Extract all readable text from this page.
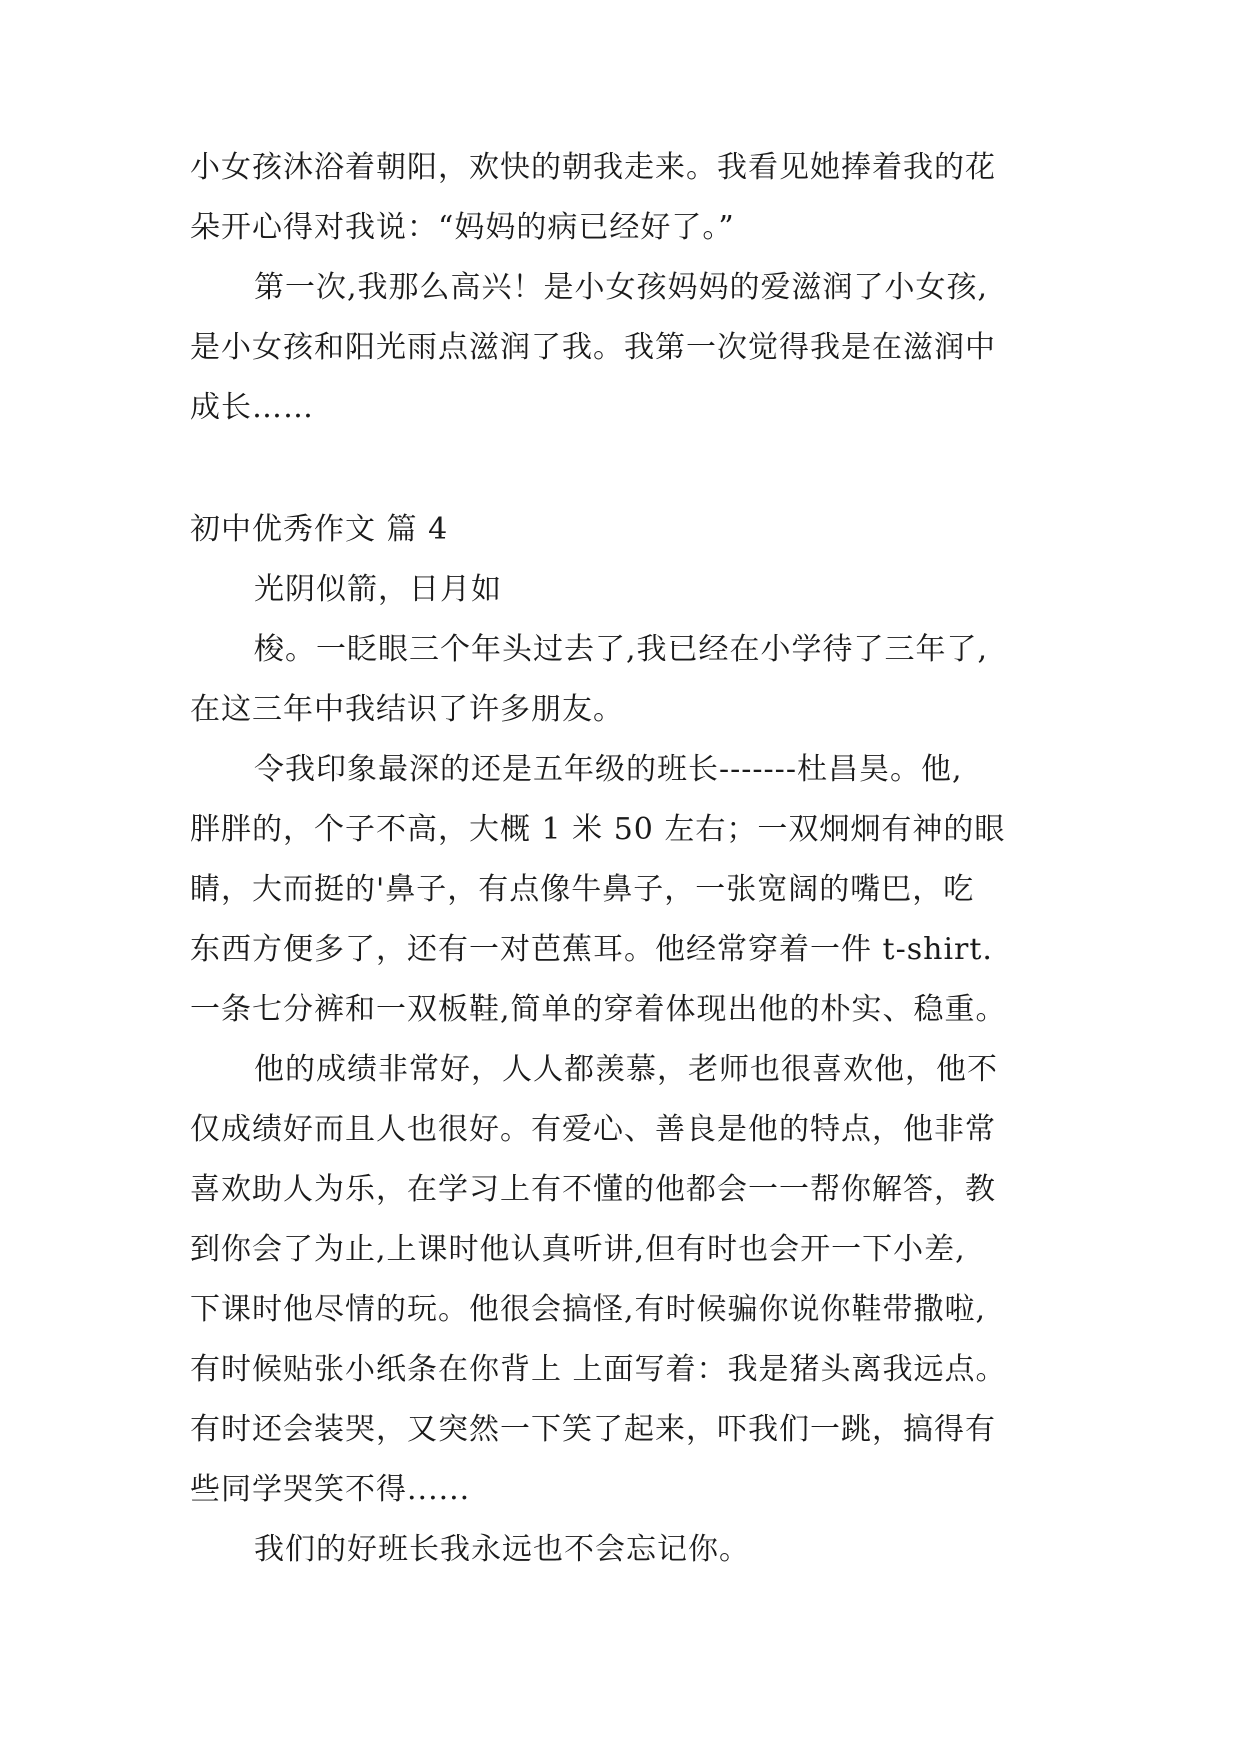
小女孩沐浴着朝阳，欢快的朝我走来。我看见她捧着我的花
朵开心得对我说：“妈妈的病已经好了。”
第一次,我那么高兴！是小女孩妈妈的爱滋润了小女孩,
是小女孩和阳光雨点滋润了我。我第一次觉得我是在滋润中
成长……
初中优秀作文 篇 4
光阴似箭，日月如
梭。一眨眼三个年头过去了,我已经在小学待了三年了,
在这三年中我结识了许多朋友。
令我印象最深的还是五年级的班长-------杜昌昊。他,
胖胖的，个子不高，大概 1 米 50 左右；一双炯炯有神的眼
睛，大而挺的'鼻子，有点像牛鼻子，一张宽阔的嘴巴，吃
东西方便多了，还有一对芭蕉耳。他经常穿着一件 t-shirt.
一条七分裤和一双板鞋,简单的穿着体现出他的朴实、稳重。
他的成绩非常好，人人都羡慕，老师也很喜欢他，他不
仅成绩好而且人也很好。有爱心、善良是他的特点，他非常
喜欢助人为乐，在学习上有不懂的他都会一一帮你解答，教
到你会了为止,上课时他认真听讲,但有时也会开一下小差,
下课时他尽情的玩。他很会搞怪,有时候骗你说你鞋带撒啦,
有时候贴张小纸条在你背上 上面写着：我是猪头离我远点。
有时还会装哭，又突然一下笑了起来，吓我们一跳，搞得有
些同学哭笑不得......
我们的好班长我永远也不会忘记你。
